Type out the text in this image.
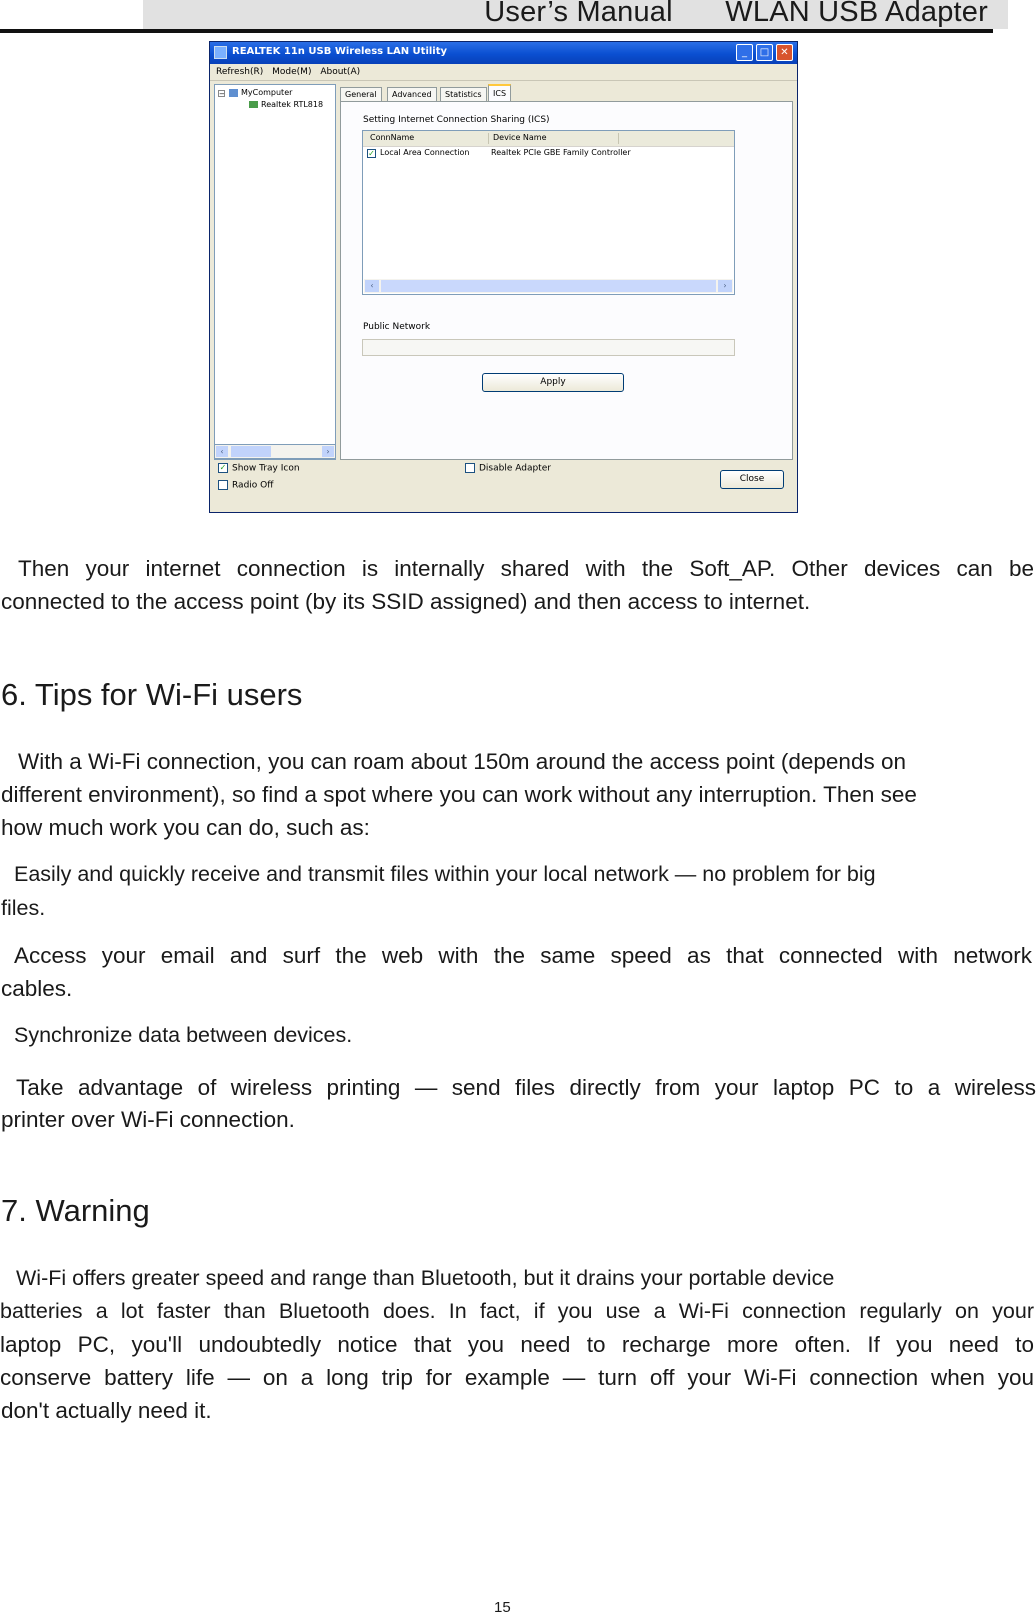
User’s Manual WLAN USB Adapter
REALTEK 11n USB Wireless LAN Utility	_	□	✕
Refresh(R) Mode(M) About(A)
−	MyComputer
Realtek RTL818
‹	›
General	Advanced	Statistics	ICS
Setting Internet Connection Sharing (ICS)
ConnName	Device Name
✓ Local Area Connection	Realtek PCIe GBE Family Controller
‹	›
Public Network
Apply
✓ Show Tray Icon
Radio Off
Disable Adapter
Close
Then your internet connection is internally shared with the Soft_AP. Other devices can be
connected to the access point (by its SSID assigned) and then access to internet.
6. Tips for Wi-Fi users
With a Wi-Fi connection, you can roam about 150m around the access point (depends on
different environment), so find a spot where you can work without any interruption. Then see
how much work you can do, such as:
Easily and quickly receive and transmit files within your local network — no problem for big
files.
Access your email and surf the web with the same speed as that connected with network
cables.
Synchronize data between devices.
Take advantage of wireless printing — send files directly from your laptop PC to a wireless
printer over Wi-Fi connection.
7. Warning
Wi-Fi offers greater speed and range than Bluetooth, but it drains your portable device
batteries a lot faster than Bluetooth does. In fact, if you use a Wi-Fi connection regularly on your
laptop PC, you'll undoubtedly notice that you need to recharge more often. If you need to
conserve battery life — on a long trip for example — turn off your Wi-Fi connection when you
don't actually need it.
15
